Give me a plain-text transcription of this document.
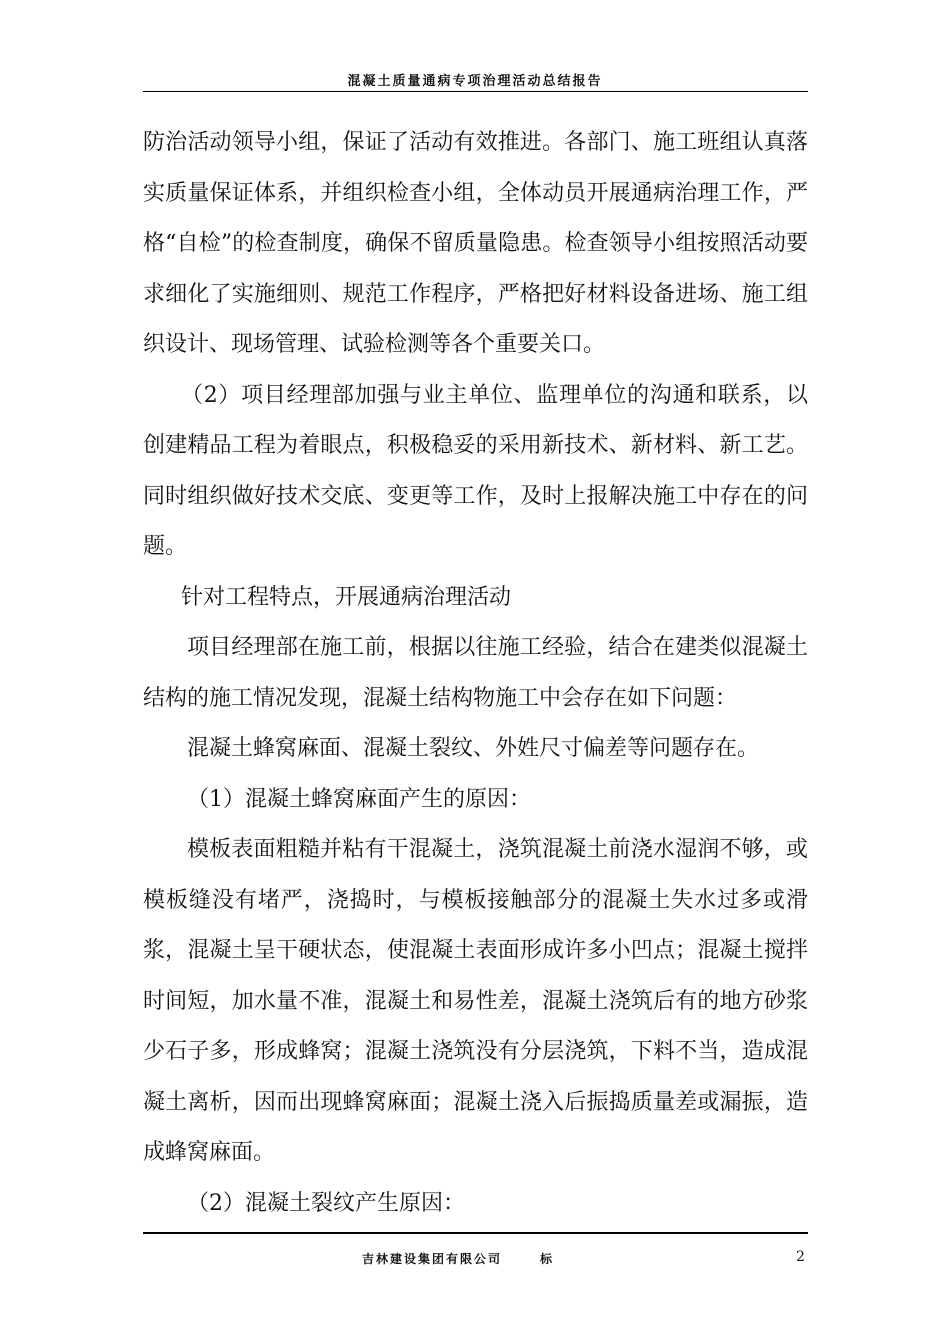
混凝土质量通病专项治理活动总结报告

防治活动领导小组，保证了活动有效推进。各部门、施工班组认真落实质量保证体系，并组织检查小组，全体动员开展通病治理工作，严格“自检”的检查制度，确保不留质量隐患。检查领导小组按照活动要求细化了实施细则、规范工作程序，严格把好材料设备进场、施工组织设计、现场管理、试验检测等各个重要关口。

（2）项目经理部加强与业主单位、监理单位的沟通和联系，以创建精品工程为着眼点，积极稳妥的采用新技术、新材料、新工艺。同时组织做好技术交底、变更等工作，及时上报解决施工中存在的问题。

针对工程特点，开展通病治理活动

项目经理部在施工前，根据以往施工经验，结合在建类似混凝土结构的施工情况发现，混凝土结构物施工中会存在如下问题：

混凝土蜂窝麻面、混凝土裂纹、外姓尺寸偏差等问题存在。

（1）混凝土蜂窝麻面产生的原因：

模板表面粗糙并粘有干混凝土，浇筑混凝土前浇水湿润不够，或模板缝没有堵严，浇捣时，与模板接触部分的混凝土失水过多或滑浆，混凝土呈干硬状态，使混凝土表面形成许多小凹点；混凝土搅拌时间短，加水量不准，混凝土和易性差，混凝土浇筑后有的地方砂浆少石子多，形成蜂窝；混凝土浇筑没有分层浇筑，下料不当，造成混凝土离析，因而出现蜂窝麻面；混凝土浇入后振捣质量差或漏振，造成蜂窝麻面。

（2）混凝土裂纹产生原因：

吉林建设集团有限公司	标	2
